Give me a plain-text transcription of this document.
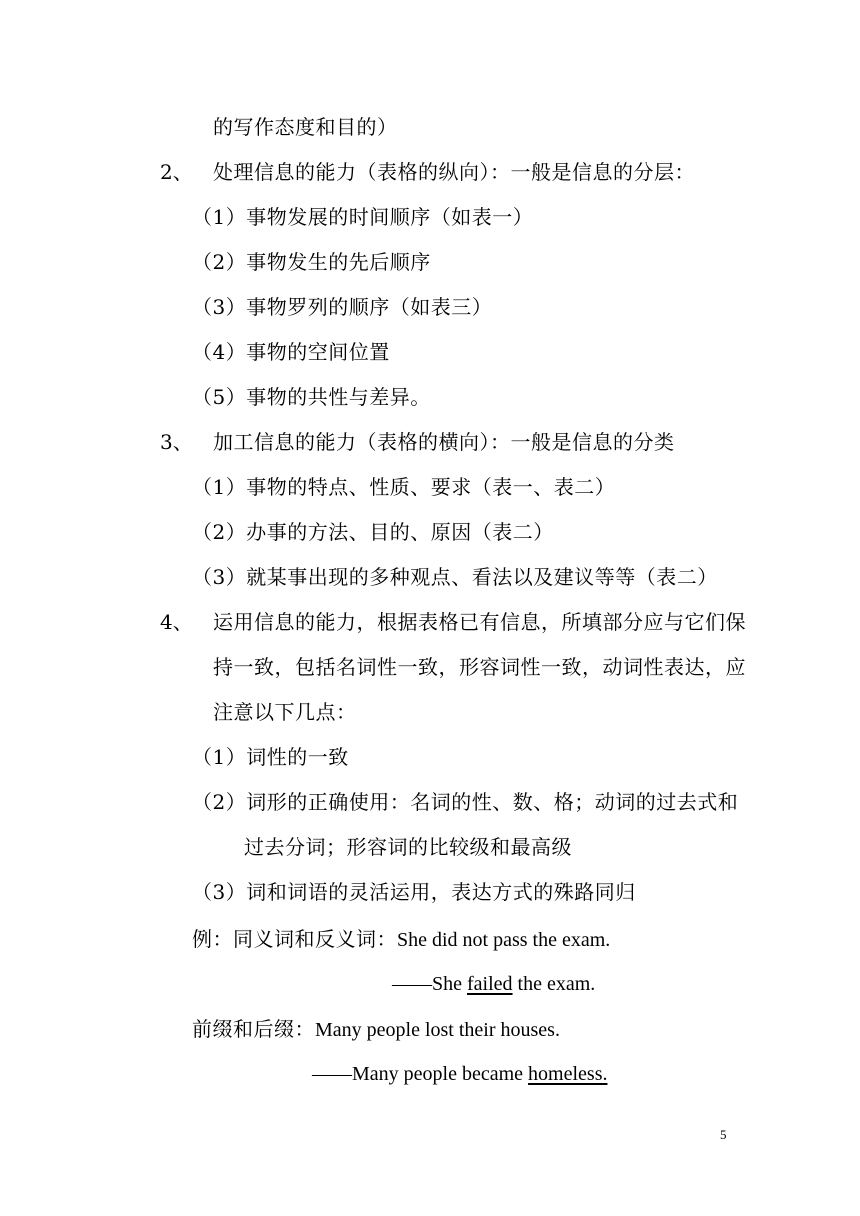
的写作态度和目的）
2、 处理信息的能力（表格的纵向）：一般是信息的分层：
（1）事物发展的时间顺序（如表一）
（2）事物发生的先后顺序
（3）事物罗列的顺序（如表三）
（4）事物的空间位置
（5）事物的共性与差异。
3、 加工信息的能力（表格的横向）：一般是信息的分类
（1）事物的特点、性质、要求（表一、表二）
（2）办事的方法、目的、原因（表二）
（3）就某事出现的多种观点、看法以及建议等等（表二）
4、 运用信息的能力，根据表格已有信息，所填部分应与它们保
持一致，包括名词性一致，形容词性一致，动词性表达，应
注意以下几点：
（1）词性的一致
（2）词形的正确使用：名词的性、数、格；动词的过去式和
过去分词；形容词的比较级和最高级
（3）词和词语的灵活运用，表达方式的殊路同归
例：同义词和反义词：She did not pass the exam.
——She failed the exam.
前缀和后缀：Many people lost their houses.
——Many people became homeless.
5
